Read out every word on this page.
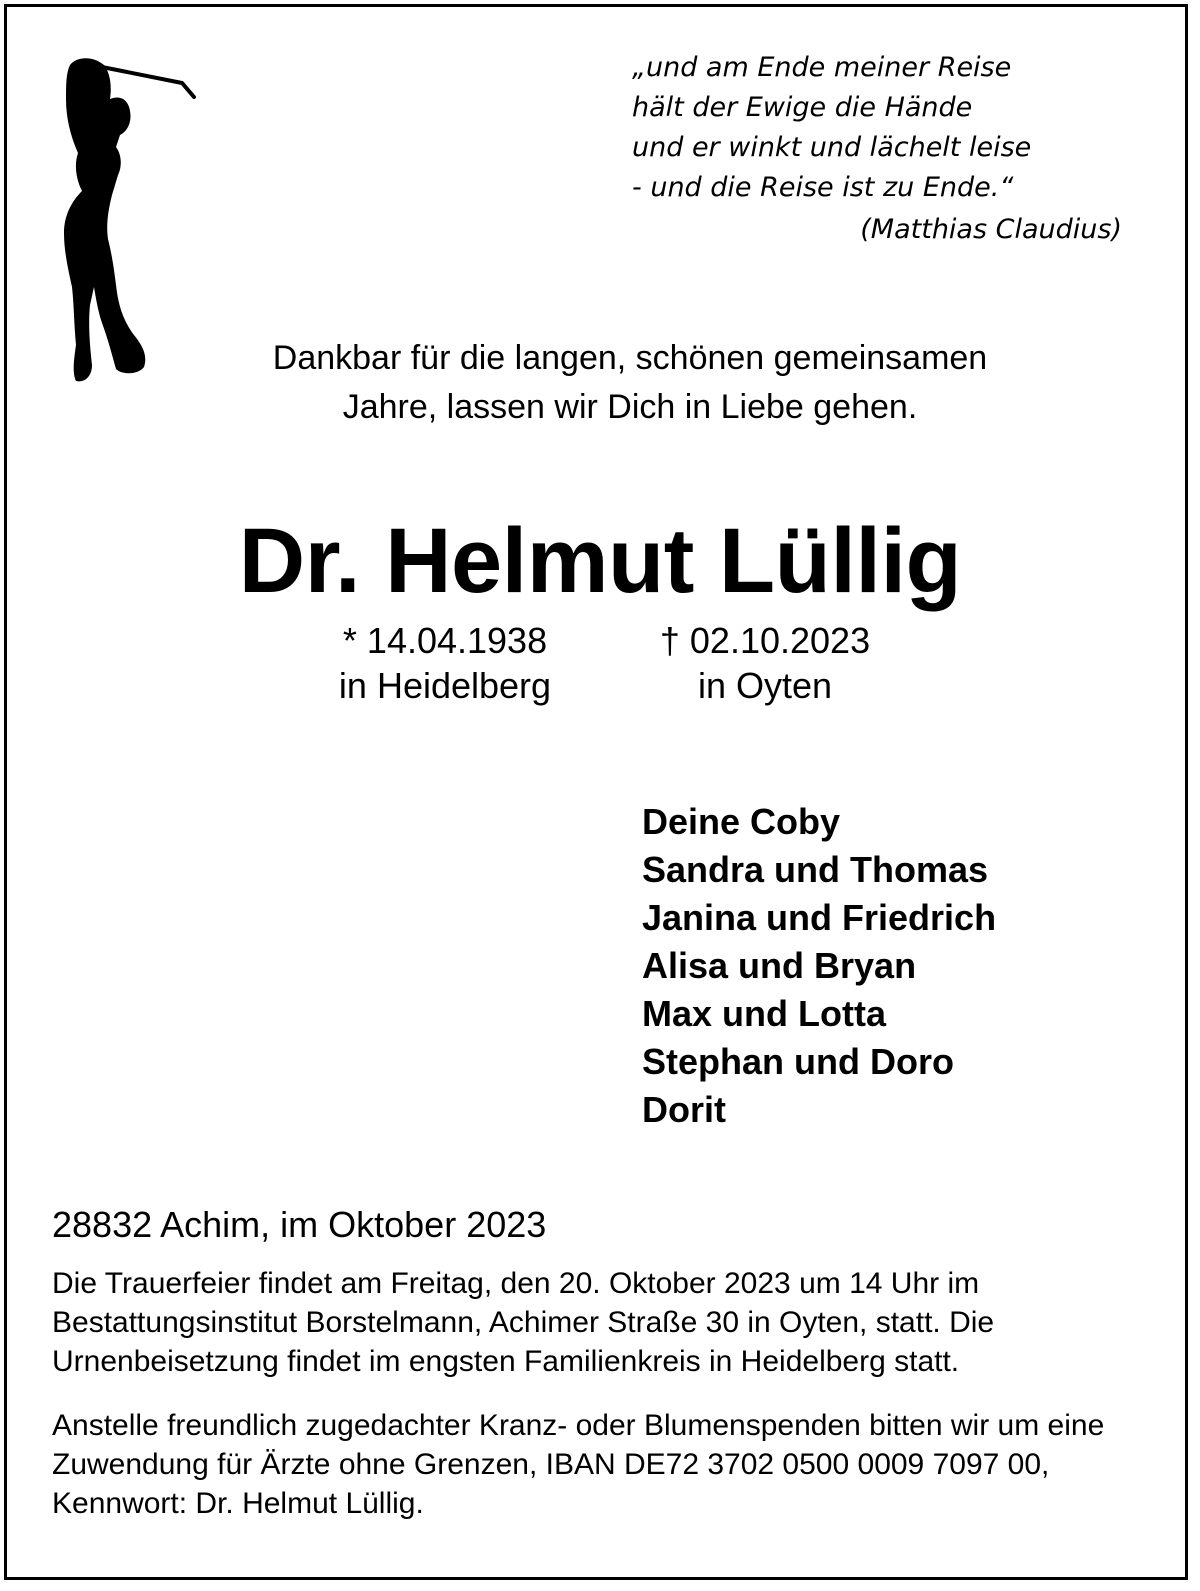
„und am Ende meiner Reise
hält der Ewige die Hände
und er winkt und lächelt leise
- und die Reise ist zu Ende.“
(Matthias Claudius)
Dankbar für die langen, schönen gemeinsamen
Jahre, lassen wir Dich in Liebe gehen.
Dr. Helmut Lüllig
* 14.04.1938
in Heidelberg
† 02.10.2023
in Oyten
Deine Coby
Sandra und Thomas
Janina und Friedrich
Alisa und Bryan
Max und Lotta
Stephan und Doro
Dorit
28832 Achim, im Oktober 2023

Die Trauerfeier findet am Freitag, den 20. Oktober 2023 um 14 Uhr im Bestattungsinstitut Borstelmann, Achimer Straße 30 in Oyten, statt. Die Urnenbeisetzung findet im engsten Familienkreis in Heidelberg statt.

Anstelle freundlich zugedachter Kranz- oder Blumenspenden bitten wir um eine Zuwendung für Ärzte ohne Grenzen, IBAN DE72 3702 0500 0009 7097 00, Kennwort: Dr. Helmut Lüllig.
